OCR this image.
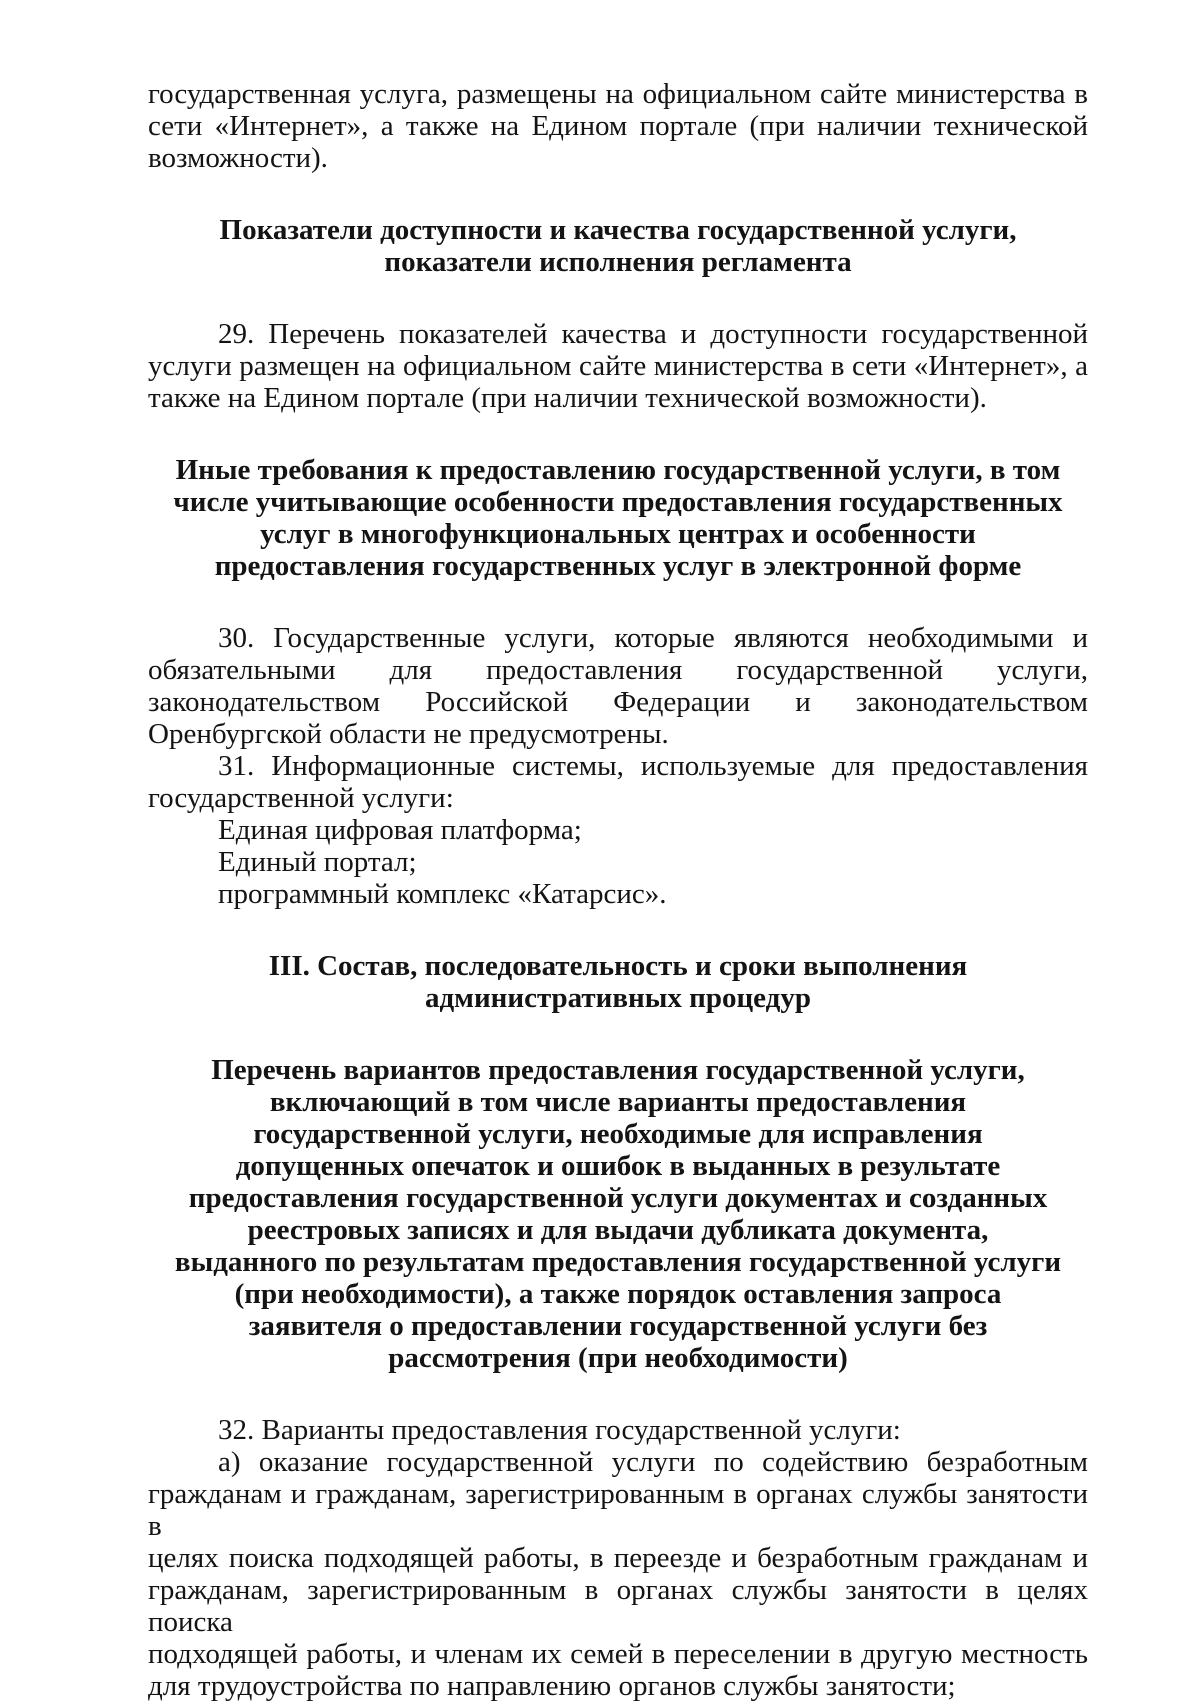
государственная услуга, размещены на официальном сайте министерства в
сети «Интернет», а также на Едином портале (при наличии технической
возможности).

Показатели доступности и качества государственной услуги,
показатели исполнения регламента

29. Перечень показателей качества и доступности государственной
услуги размещен на официальном сайте министерства в сети «Интернет», а
также на Едином портале (при наличии технической возможности).

Иные требования к предоставлению государственной услуги, в том
числе учитывающие особенности предоставления государственных
услуг в многофункциональных центрах и особенности
предоставления государственных услуг в электронной форме

30. Государственные услуги, которые являются необходимыми и
обязательными для предоставления государственной услуги,
законодательством Российской Федерации и законодательством
Оренбургской области не предусмотрены.

31. Информационные системы, используемые для предоставления
государственной услуги:

Единая цифровая платформа;

Единый портал;

программный комплекс «Катарсис».

III. Состав, последовательность и сроки выполнения
административных процедур
Перечень вариантов предоставления государственной услуги,
включающий в том числе варианты предоставления
государственной услуги, необходимые для исправления
допущенных опечаток и ошибок в выданных в результате
предоставления государственной услуги документах и созданных
реестровых записях и для выдачи дубликата документа,
выданного по результатам предоставления государственной услуги
(при необходимости), а также порядок оставления запроса
заявителя о предоставлении государственной услуги без
рассмотрения (при необходимости)

32. Варианты предоставления государственной услуги:

а) оказание государственной услуги по содействию безработным
гражданам и гражданам, зарегистрированным в органах службы занятости в
целях поиска подходящей работы, в переезде и безработным гражданам и
гражданам, зарегистрированным в органах службы занятости в целях поиска
подходящей работы, и членам их семей в переселении в другую местность
для трудоустройства по направлению органов службы занятости;
